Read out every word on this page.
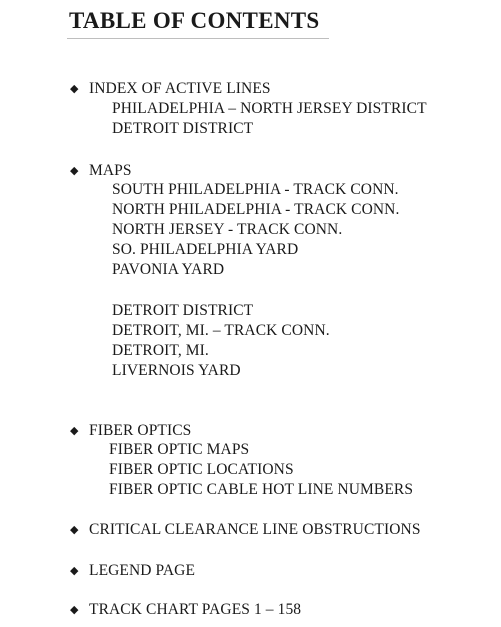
TABLE OF CONTENTS
◆ INDEX OF ACTIVE LINES
PHILADELPHIA – NORTH JERSEY DISTRICT
DETROIT DISTRICT
◆ MAPS
SOUTH PHILADELPHIA - TRACK CONN.
NORTH PHILADELPHIA - TRACK CONN.
NORTH JERSEY - TRACK CONN.
SO. PHILADELPHIA YARD
PAVONIA YARD
DETROIT DISTRICT
DETROIT, MI. – TRACK CONN.
DETROIT, MI.
LIVERNOIS YARD
◆ FIBER OPTICS
FIBER OPTIC MAPS
FIBER OPTIC LOCATIONS
FIBER OPTIC CABLE HOT LINE NUMBERS
◆ CRITICAL CLEARANCE LINE OBSTRUCTIONS
◆ LEGEND PAGE
◆ TRACK CHART PAGES 1 – 158
